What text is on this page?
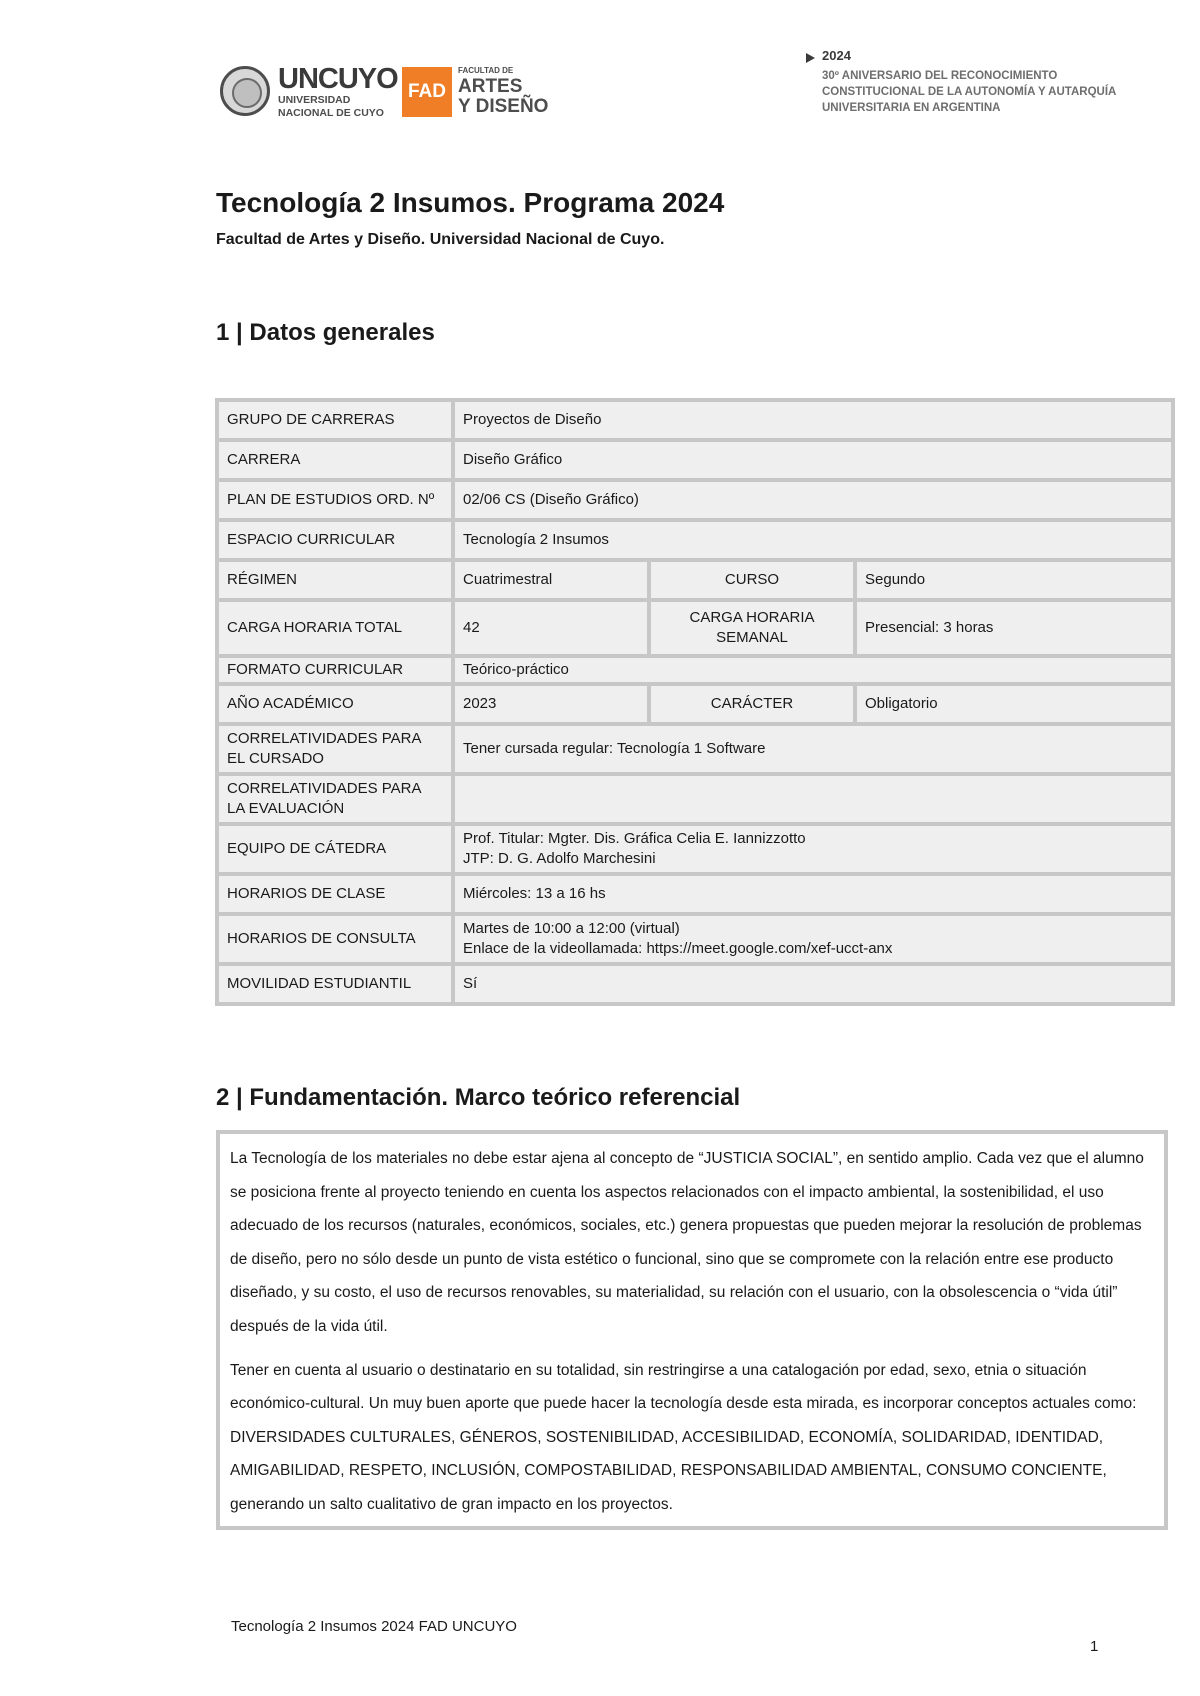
UNCUYO
UNIVERSIDAD
NACIONAL DE CUYO
FAD
FACULTAD DE
ARTES
Y DISEÑO
2024
30º ANIVERSARIO DEL RECONOCIMIENTO
CONSTITUCIONAL DE LA AUTONOMÍA Y AUTARQUÍA
UNIVERSITARIA EN ARGENTINA
Tecnología 2 Insumos. Programa 2024
Facultad de Artes y Diseño. Universidad Nacional de Cuyo.
1 | Datos generales
GRUPO DE CARRERAS	Proyectos de Diseño		
CARRERA	Diseño Gráfico		
PLAN DE ESTUDIOS ORD. Nº	02/06 CS (Diseño Gráfico)		
ESPACIO CURRICULAR	Tecnología 2 Insumos		
RÉGIMEN	Cuatrimestral	CURSO	Segundo
CARGA HORARIA TOTAL	42	CARGA HORARIA SEMANAL	Presencial: 3 horas
FORMATO CURRICULAR	Teórico-práctico		
AÑO ACADÉMICO	2023	CARÁCTER	Obligatorio
CORRELATIVIDADES PARA EL CURSADO	Tener cursada regular: Tecnología 1 Software		
CORRELATIVIDADES PARA LA EVALUACIÓN			
EQUIPO DE CÁTEDRA	Prof. Titular: Mgter. Dis. Gráfica Celia E. Iannizzotto
JTP: D. G. Adolfo Marchesini		

HORARIOS DE CLASE	Miércoles: 13 a 16 hs		
HORARIOS DE CONSULTA	Martes de 10:00 a 12:00 (virtual)
Enlace de la videollamada: https://meet.google.com/xef-ucct-anx		

MOVILIDAD ESTUDIANTIL	Sí		
2 | Fundamentación. Marco teórico referencial

La Tecnología de los materiales no debe estar ajena al concepto de “JUSTICIA SOCIAL”, en sentido amplio. Cada vez que el alumno se posiciona frente al proyecto teniendo en cuenta los aspectos relacionados con el impacto ambiental, la sostenibilidad, el uso adecuado de los recursos (naturales, económicos, sociales, etc.) genera propuestas que pueden mejorar la resolución de problemas de diseño, pero no sólo desde un punto de vista estético o funcional, sino que se compromete con la relación entre ese producto diseñado, y su costo, el uso de recursos renovables, su materialidad, su relación con el usuario, con la obsolescencia o “vida útil” después de la vida útil.

Tener en cuenta al usuario o destinatario en su totalidad, sin restringirse a una catalogación por edad, sexo, etnia o situación económico-cultural. Un muy buen aporte que puede hacer la tecnología desde esta mirada, es incorporar conceptos actuales como: DIVERSIDADES CULTURALES, GÉNEROS, SOSTENIBILIDAD, ACCESIBILIDAD, ECONOMÍA, SOLIDARIDAD, IDENTIDAD, AMIGABILIDAD, RESPETO, INCLUSIÓN, COMPOSTABILIDAD, RESPONSABILIDAD AMBIENTAL, CONSUMO CONCIENTE, generando un salto cualitativo de gran impacto en los proyectos.

Tecnología 2 Insumos 2024 FAD UNCUYO
1
